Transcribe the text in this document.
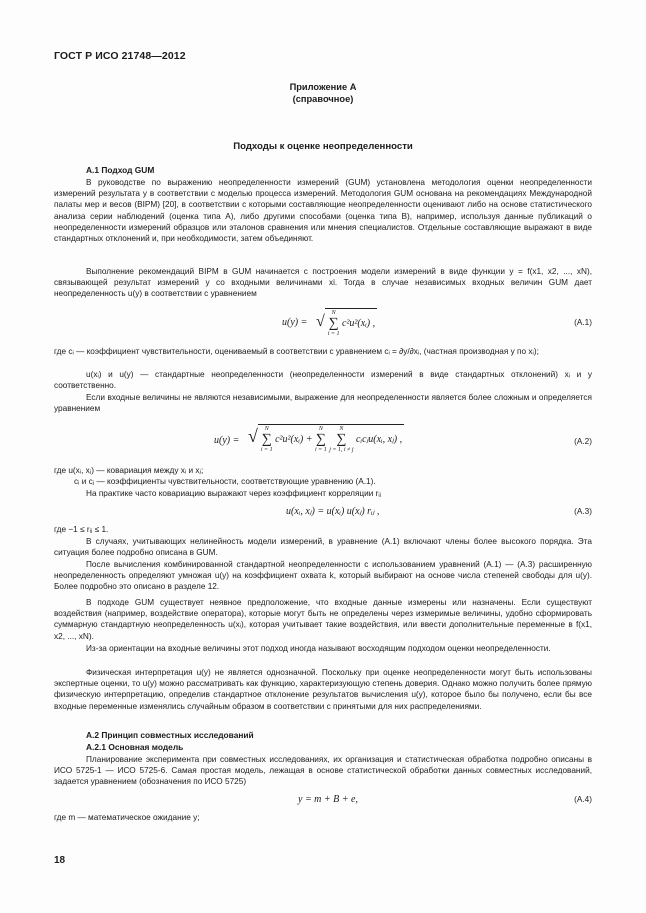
ГОСТ Р ИСО 21748—2012
Приложение А
(справочное)
Подходы к оценке неопределенности
А.1 Подход GUM
В руководстве по выражению неопределенности измерений (GUM) установлена методология оценки неопределенности измерений результата у в соответствии с моделью процесса измерений. Методология GUM основана на рекомендациях Международной палаты мер и весов (BIPM) [20], в соответствии с которыми составляющие неопределенности оценивают либо на основе статистического анализа серии наблюдений (оценка типа А), либо другими способами (оценка типа В), например, используя данные публикаций о неопределенности измерений образцов или эталонов сравнения или мнения специалистов. Отдельные составляющие выражают в виде стандартных отклонений и, при необходимости, затем объединяют.
Выполнение рекомендаций BIPM в GUM начинается с построения модели измерений в виде функции y = f(x1, x2, ..., xN), связывающей результат измерений у со входными величинами xi. Тогда в случае независимых входных величин GUM дает неопределенность u(y) в соответствии с уравнением
u(y) = √	N
∑
i = 1
c²u²(xᵢ) ,	(A.1)
где cᵢ — коэффициент чувствительности, оцениваемый в соответствии с уравнением cᵢ = ∂y/∂xᵢ, (частная производная у по xᵢ);
u(xᵢ) и u(y) — стандартные неопределенности (неопределенности измерений в виде стандартных отклонений) xᵢ и у соответственно.
Если входные величины не являются независимыми, выражение для неопределенности является более сложным и определяется уравнением
u(y) = √	N
∑
i = 1
c²u²(xᵢ) +
N
∑
i = 1

N
∑
j = 1, i ≠ j
cᵢcⱼu(xᵢ, xⱼ) ,	(A.2)
где u(xᵢ, xⱼ) — ковариация между xᵢ и xⱼ;
cᵢ и cⱼ — коэффициенты чувствительности, соответствующие уравнению (А.1).
На практике часто ковариацию выражают через коэффициент корреляции rᵢⱼ
u(xᵢ, xⱼ) = u(xᵢ) u(xⱼ) rᵢⱼ ,	(A.3)
где −1 ≤ rᵢⱼ ≤ 1.
В случаях, учитывающих нелинейность модели измерений, в уравнение (А.1) включают члены более высокого порядка. Эта ситуация более подробно описана в GUM.
После вычисления комбинированной стандартной неопределенности с использованием уравнений (А.1) — (А.3) расширенную неопределенность определяют умножая u(y) на коэффициент охвата k, который выбирают на основе числа степеней свободы для u(y). Более подробно это описано в разделе 12.
В подходе GUM существует неявное предположение, что входные данные измерены или назначены. Если существуют воздействия (например, воздействие оператора), которые могут быть не определены через измеримые величины, удобно сформировать суммарную стандартную неопределенность u(xᵢ), которая учитывает такие воздействия, или ввести дополнительные переменные в f(x1, x2, ..., xN).
Из-за ориентации на входные величины этот подход иногда называют восходящим подходом оценки неопределенности.
Физическая интерпретация u(y) не является однозначной. Поскольку при оценке неопределенности могут быть использованы экспертные оценки, то u(y) можно рассматривать как функцию, характеризующую степень доверия. Однако можно получить более прямую физическую интерпретацию, определив стандартное отклонение результатов вычисления u(y), которое было бы получено, если бы все входные переменные изменялись случайным образом в соответствии с принятыми для них распределениями.
А.2 Принцип совместных исследований
А.2.1 Основная модель
Планирование эксперимента при совместных исследованиях, их организация и статистическая обработка подробно описаны в ИСО 5725-1 — ИСО 5725-6. Самая простая модель, лежащая в основе статистической обработки данных совместных исследований, задается уравнением (обозначения по ИСО 5725)
y = m + B + e,	(A.4)
где m — математическое ожидание у;
18
